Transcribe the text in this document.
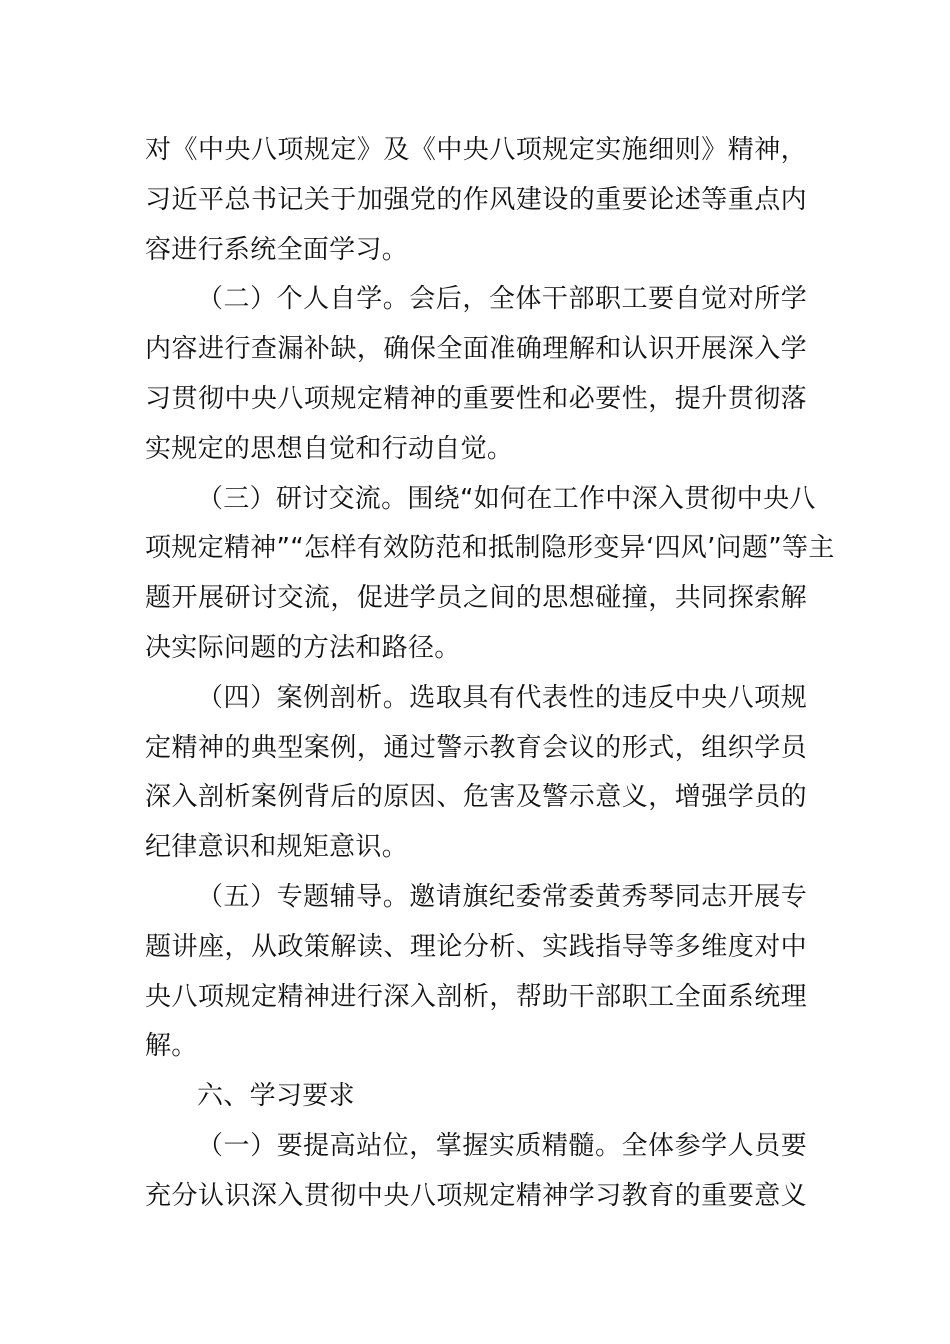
对《中央八项规定》及《中央八项规定实施细则》精神，
习近平总书记关于加强党的作风建设的重要论述等重点内
容进行系统全面学习。
（二）个人自学。会后，全体干部职工要自觉对所学
内容进行查漏补缺，确保全面准确理解和认识开展深入学
习贯彻中央八项规定精神的重要性和必要性，提升贯彻落
实规定的思想自觉和行动自觉。
（三）研讨交流。围绕“如何在工作中深入贯彻中央八
项规定精神”“怎样有效防范和抵制隐形变异‘四风’问题”等主
题开展研讨交流，促进学员之间的思想碰撞，共同探索解
决实际问题的方法和路径。
（四）案例剖析。选取具有代表性的违反中央八项规
定精神的典型案例，通过警示教育会议的形式，组织学员
深入剖析案例背后的原因、危害及警示意义，增强学员的
纪律意识和规矩意识。
（五）专题辅导。邀请旗纪委常委黄秀琴同志开展专
题讲座，从政策解读、理论分析、实践指导等多维度对中
央八项规定精神进行深入剖析，帮助干部职工全面系统理
解。
六、学习要求
（一）要提高站位，掌握实质精髓。全体参学人员要
充分认识深入贯彻中央八项规定精神学习教育的重要意义
